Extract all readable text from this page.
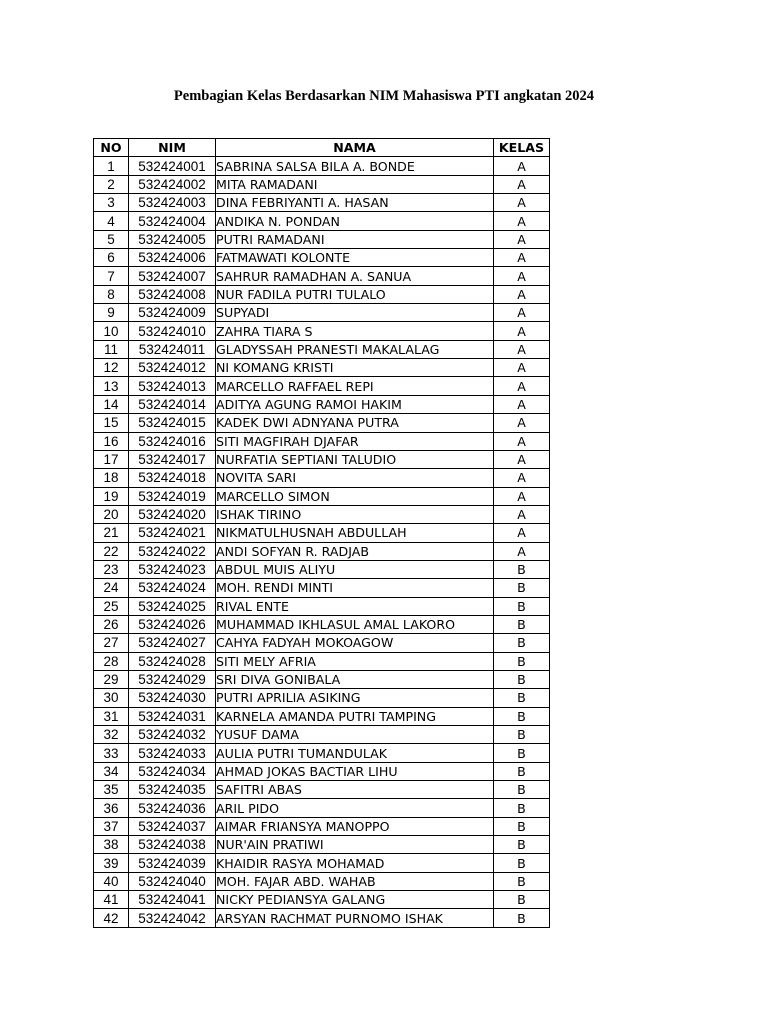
Pembagian Kelas Berdasarkan NIM Mahasiswa PTI angkatan 2024
NO	NIM	NAMA	KELAS
1	532424001	SABRINA SALSA BILA A. BONDE	A
2	532424002	MITA RAMADANI	A
3	532424003	DINA FEBRIYANTI A. HASAN	A
4	532424004	ANDIKA N. PONDAN	A
5	532424005	PUTRI RAMADANI	A
6	532424006	FATMAWATI KOLONTE	A
7	532424007	SAHRUR RAMADHAN A. SANUA	A
8	532424008	NUR FADILA PUTRI TULALO	A
9	532424009	SUPYADI	A
10	532424010	ZAHRA TIARA S	A
11	532424011	GLADYSSAH PRANESTI MAKALALAG	A
12	532424012	NI KOMANG KRISTI	A
13	532424013	MARCELLO RAFFAEL REPI	A
14	532424014	ADITYA AGUNG RAMOI HAKIM	A
15	532424015	KADEK DWI ADNYANA PUTRA	A
16	532424016	SITI MAGFIRAH DJAFAR	A
17	532424017	NURFATIA SEPTIANI TALUDIO	A
18	532424018	NOVITA SARI	A
19	532424019	MARCELLO SIMON	A
20	532424020	ISHAK TIRINO	A
21	532424021	NIKMATULHUSNAH ABDULLAH	A
22	532424022	ANDI SOFYAN R. RADJAB	A
23	532424023	ABDUL MUIS ALIYU	B
24	532424024	MOH. RENDI MINTI	B
25	532424025	RIVAL ENTE	B
26	532424026	MUHAMMAD IKHLASUL AMAL LAKORO	B
27	532424027	CAHYA FADYAH MOKOAGOW	B
28	532424028	SITI MELY AFRIA	B
29	532424029	SRI DIVA GONIBALA	B
30	532424030	PUTRI APRILIA ASIKING	B
31	532424031	KARNELA AMANDA PUTRI TAMPING	B
32	532424032	YUSUF DAMA	B
33	532424033	AULIA PUTRI TUMANDULAK	B
34	532424034	AHMAD JOKAS BACTIAR LIHU	B
35	532424035	SAFITRI ABAS	B
36	532424036	ARIL PIDO	B
37	532424037	AIMAR FRIANSYA MANOPPO	B
38	532424038	NUR'AIN PRATIWI	B
39	532424039	KHAIDIR RASYA MOHAMAD	B
40	532424040	MOH. FAJAR ABD. WAHAB	B
41	532424041	NICKY PEDIANSYA GALANG	B
42	532424042	ARSYAN RACHMAT PURNOMO ISHAK	B
